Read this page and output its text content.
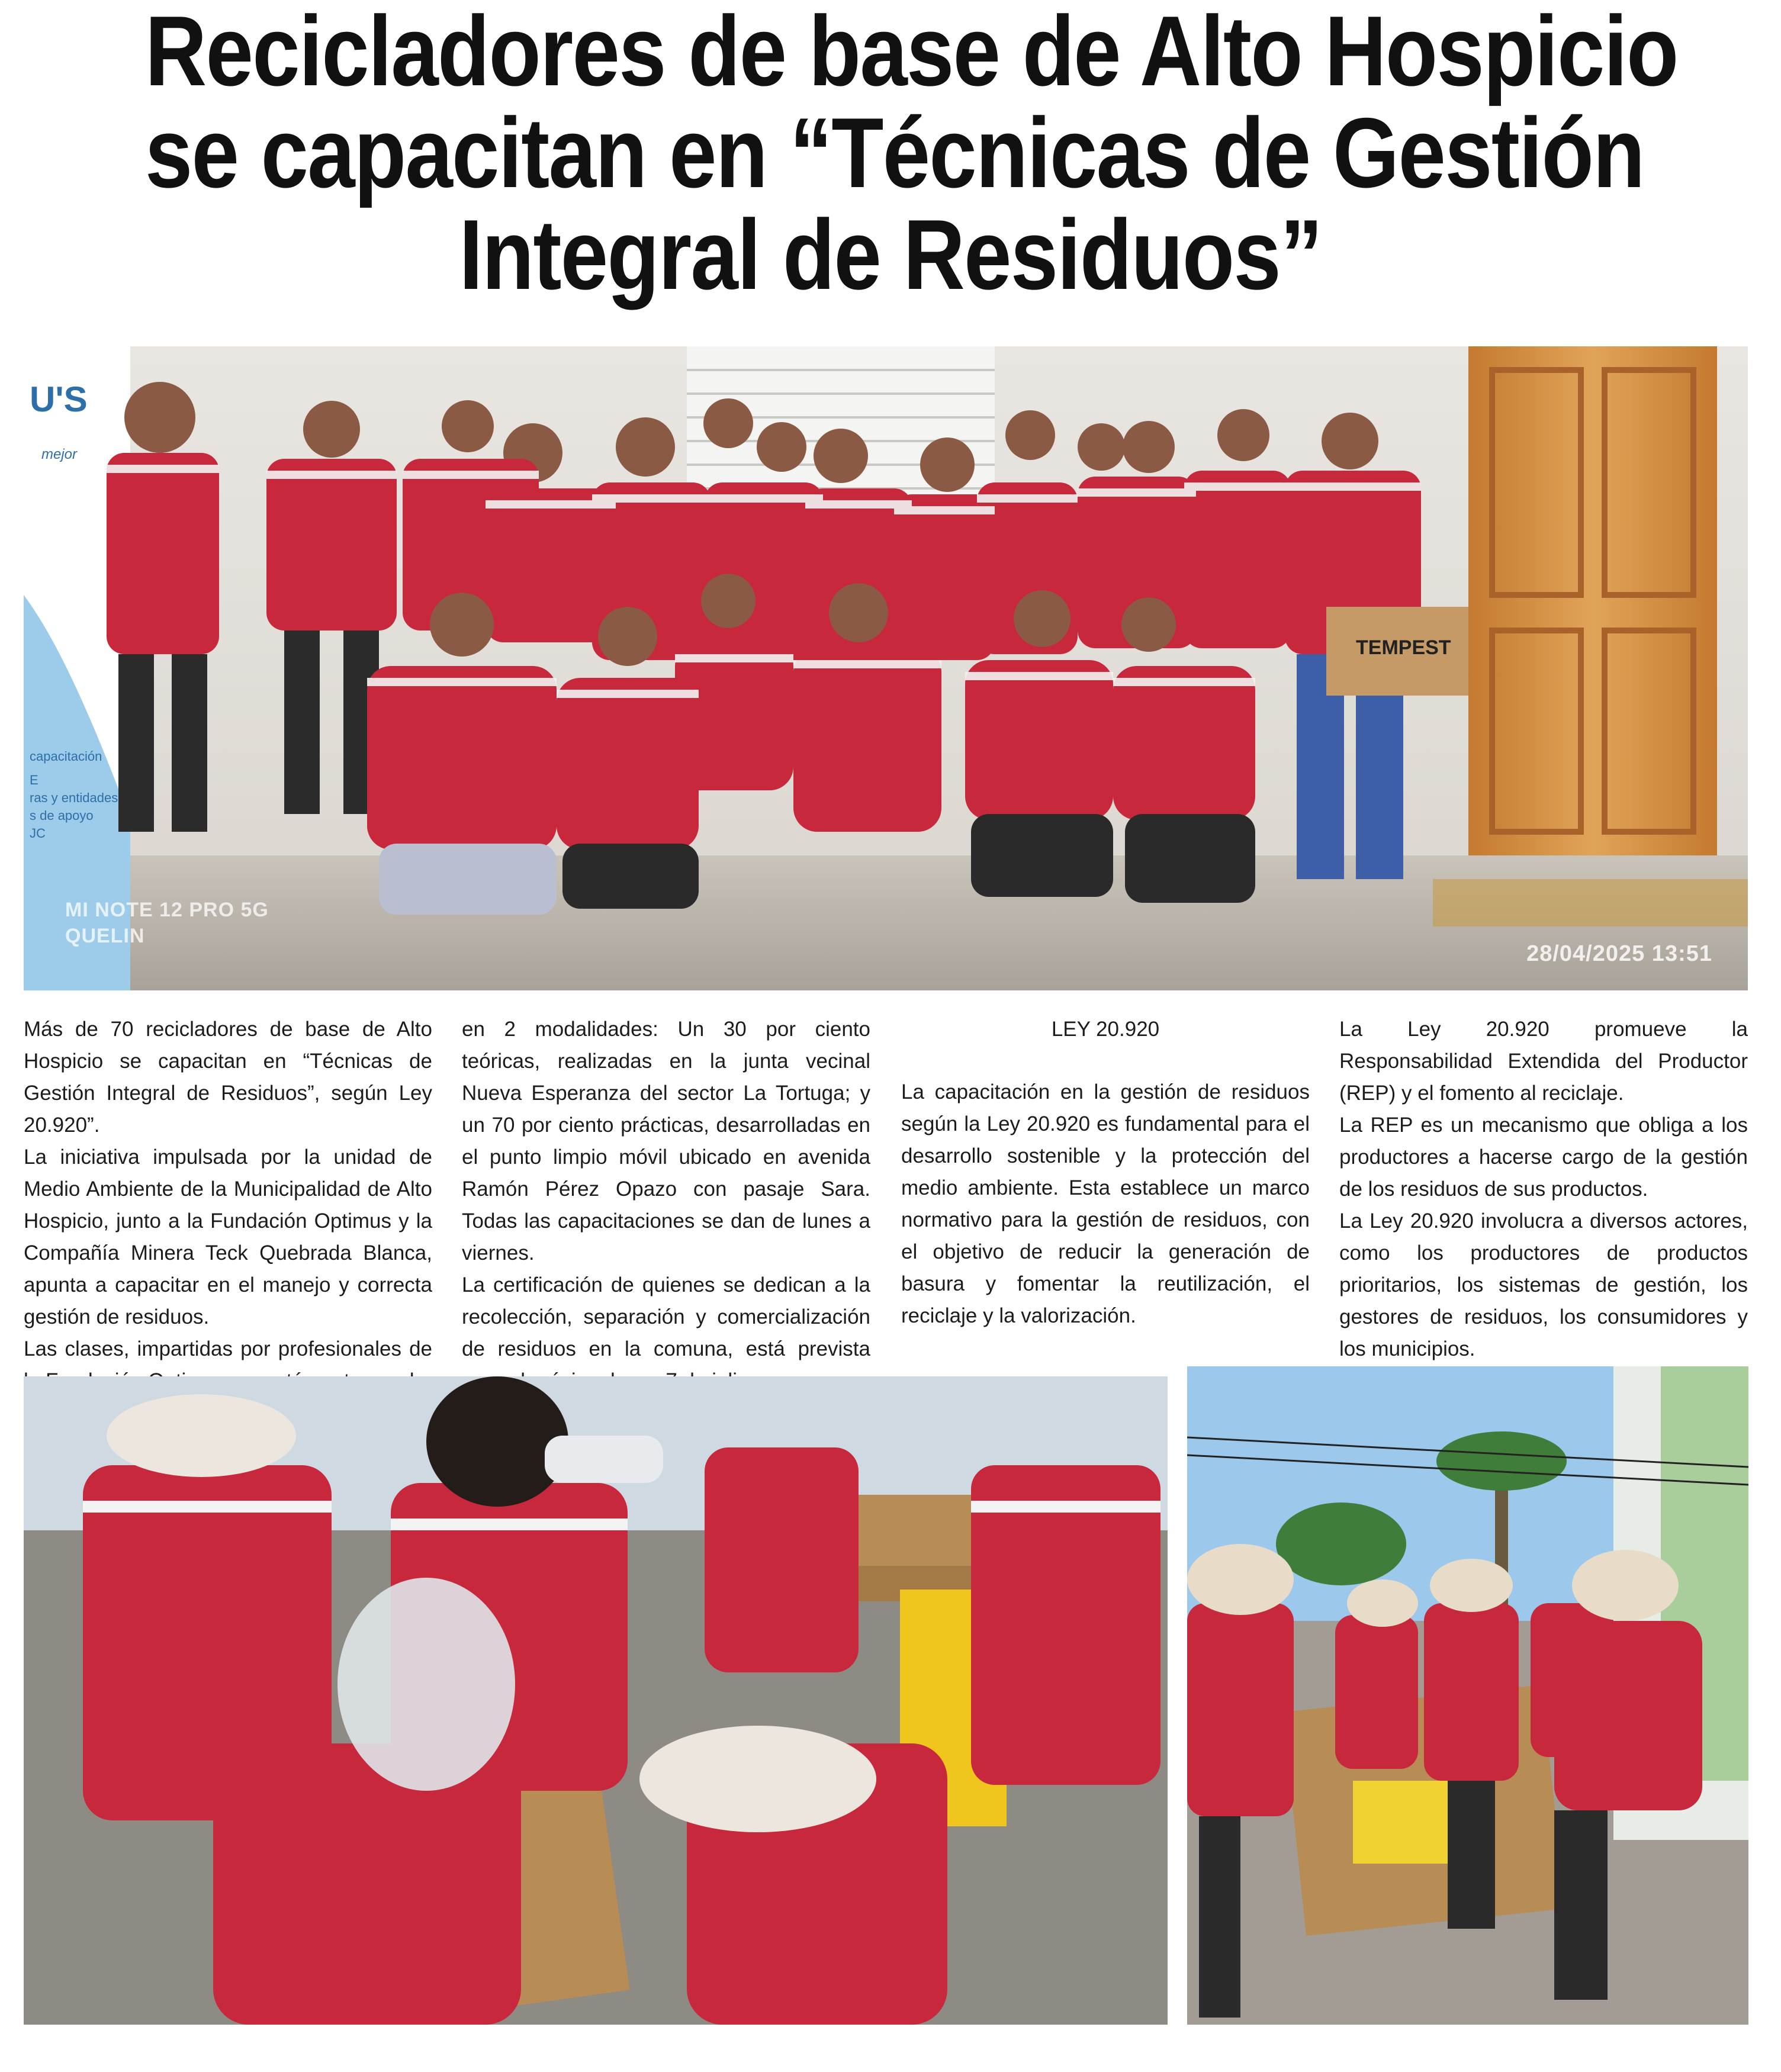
Recicladores de base de Alto Hospicio
se capacitan en “Técnicas de Gestión
Integral de Residuos”
TEMPEST
U'S
mejor
capacitación
E
ras y entidades
s de apoyo
JC
MI NOTE 12 PRO 5G
QUELIN
28/04/2025 13:51

Más de 70 recicladores de base de Alto Hospicio se capacitan en “Técnicas de Gestión Integral de Residuos”, según Ley 20.920”.

La iniciativa impulsada por la unidad de Medio Ambiente de la Municipalidad de Alto Hospicio, junto a la Fundación Optimus y la Compañía Minera Teck Quebrada Blanca, apunta a capacitar en el manejo y correcta gestión de residuos.

Las clases, impartidas por profesionales de

en 2 modalidades: Un 30 por ciento teóricas, realizadas en la junta vecinal Nueva Esperanza del sector La Tortuga; y un 70 por ciento prácticas, desarrolladas en el punto limpio móvil ubicado en avenida Ramón Pérez Opazo con pasaje Sara. Todas las capacitaciones se dan de lunes a viernes.

La certificación de quienes se dedican a la recolección, separación y comercialización de residuos en la comuna, está prevista

LEY 20.920

La capacitación en la gestión de residuos según la Ley 20.920 es fundamental para el desarrollo sostenible y la protección del medio ambiente. Esta establece un marco normativo para la gestión de residuos, con el objetivo de reducir la generación de basura y fomentar la reutilización, el reciclaje y la valorización.

La Ley 20.920 promueve la Responsabilidad Extendida del Productor (REP) y el fomento al reciclaje.

La REP es un mecanismo que obliga a los productores a hacerse cargo de la gestión de los residuos de sus productos.

La Ley 20.920 involucra a diversos actores, como los productores de productos prioritarios, los sistemas de gestión, los gestores de residuos, los consumidores y los municipios.
